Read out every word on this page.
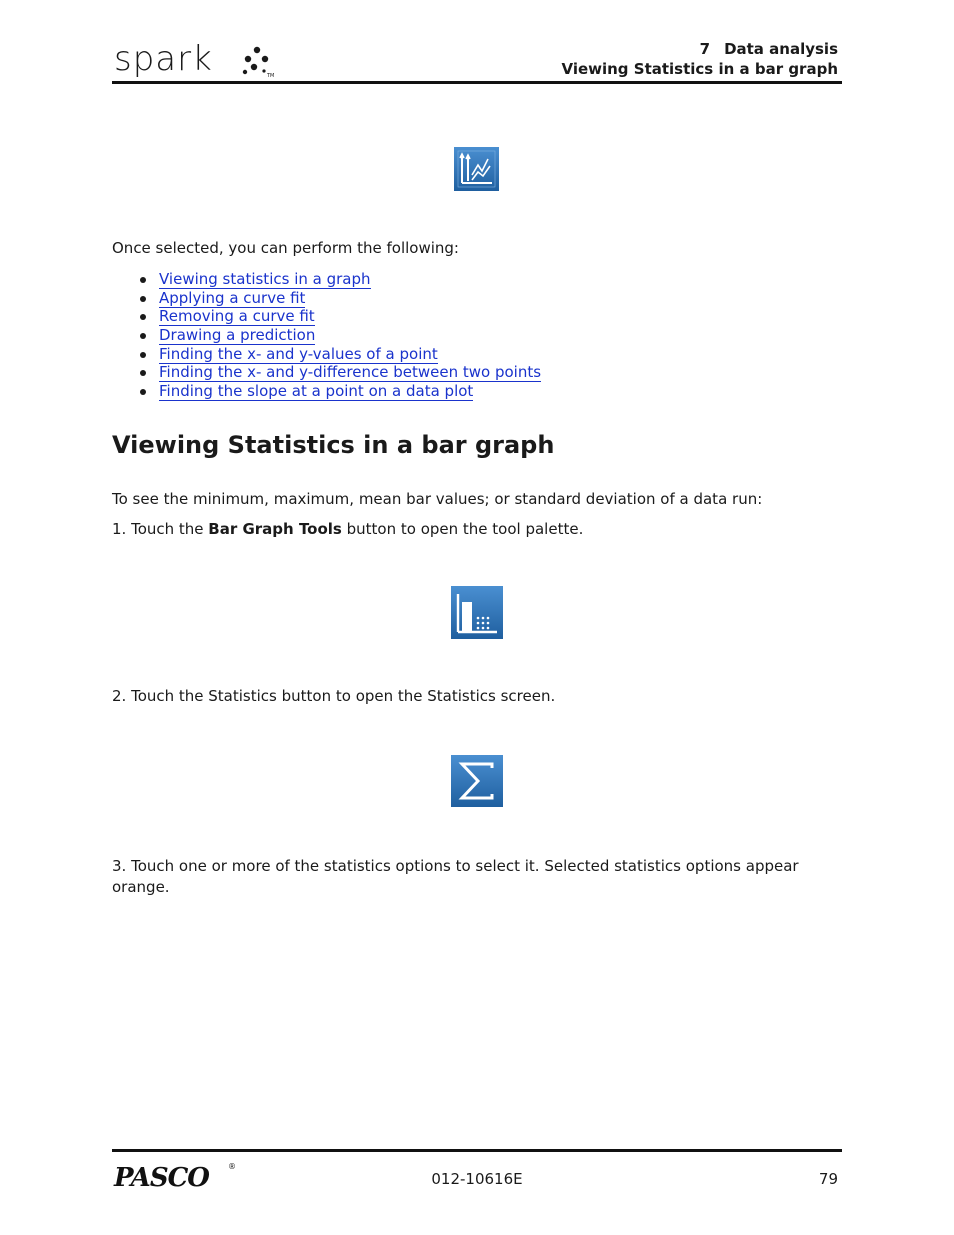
spark	TM
7 Data analysis
Viewing Statistics in a bar graph
Once selected, you can perform the following:
Viewing statistics in a graph
Applying a curve fit
Removing a curve fit
Drawing a prediction
Finding the x- and y-values of a point
Finding the x- and y-difference between two points
Finding the slope at a point on a data plot
Viewing Statistics in a bar graph
To see the minimum, maximum, mean bar values; or standard deviation of a data run:
1. Touch the Bar Graph Tools button to open the tool palette.
2. Touch the Statistics button to open the Statistics screen.
3. Touch one or more of the statistics options to select it. Selected statistics options appear
orange.
PASCO ®
012-10616E	79
